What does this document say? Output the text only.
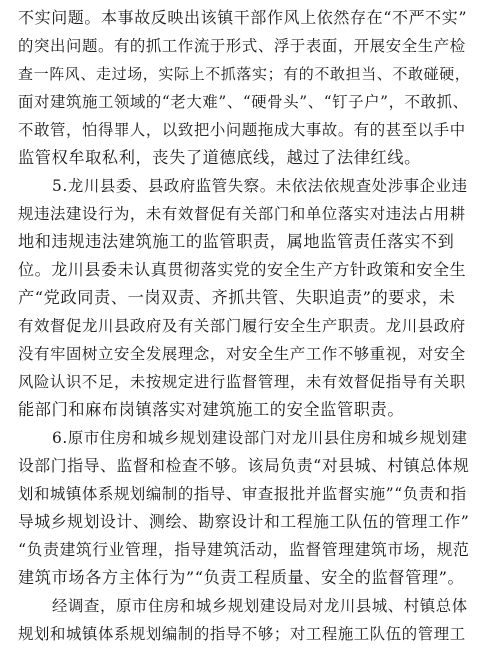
不实问题。本事故反映出该镇干部作风上依然存在“不严不实”
的突出问题。有的抓工作流于形式、浮于表面，开展安全生产检
查一阵风、走过场，实际上不抓落实；有的不敢担当、不敢碰硬，
面对建筑施工领域的“老大难”、“硬骨头”、“钉子户”，不敢抓、
不敢管，怕得罪人，以致把小问题拖成大事故。有的甚至以手中
监管权牟取私利，丧失了道德底线，越过了法律红线。
5.龙川县委、县政府监管失察。未依法依规查处涉事企业违
规违法建设行为，未有效督促有关部门和单位落实对违法占用耕
地和违规违法建筑施工的监管职责，属地监管责任落实不到
位。龙川县委未认真贯彻落实党的安全生产方针政策和安全生
产“党政同责、一岗双责、齐抓共管、失职追责”的要求，未
有效督促龙川县政府及有关部门履行安全生产职责。龙川县政府
没有牢固树立安全发展理念，对安全生产工作不够重视，对安全
风险认识不足，未按规定进行监督管理，未有效督促指导有关职
能部门和麻布岗镇落实对建筑施工的安全监管职责。
6.原市住房和城乡规划建设部门对龙川县住房和城乡规划建
设部门指导、监督和检查不够。该局负责“对县城、村镇总体规
划和城镇体系规划编制的指导、审查报批并监督实施”“负责和指
导城乡规划设计、测绘、勘察设计和工程施工队伍的管理工作”
“负责建筑行业管理，指导建筑活动，监督管理建筑市场，规范
建筑市场各方主体行为”“负责工程质量、安全的监督管理”。
经调查，原市住房和城乡规划建设局对龙川县城、村镇总体
规划和城镇体系规划编制的指导不够；对工程施工队伍的管理工
